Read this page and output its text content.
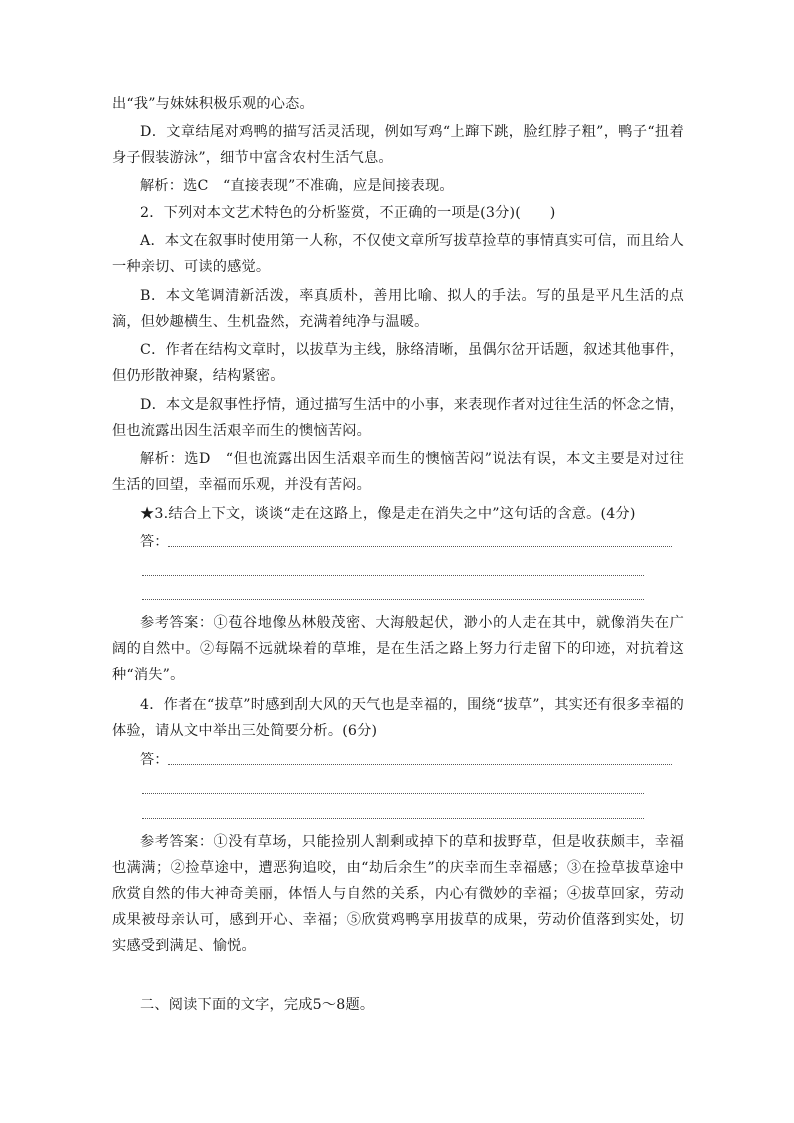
出“我”与妹妹积极乐观的心态。

D．文章结尾对鸡鸭的描写活灵活现，例如写鸡“上蹿下跳，脸红脖子粗”，鸭子“扭着身子假装游泳”，细节中富含农村生活气息。

解析：选C　“直接表现”不准确，应是间接表现。

2．下列对本文艺术特色的分析鉴赏，不正确的一项是(3分)(　　)

A．本文在叙事时使用第一人称，不仅使文章所写拔草捡草的事情真实可信，而且给人一种亲切、可读的感觉。

B．本文笔调清新活泼，率真质朴，善用比喻、拟人的手法。写的虽是平凡生活的点滴，但妙趣横生、生机盎然，充满着纯净与温暖。

C．作者在结构文章时，以拔草为主线，脉络清晰，虽偶尔岔开话题，叙述其他事件，但仍形散神聚，结构紧密。

D．本文是叙事性抒情，通过描写生活中的小事，来表现作者对过往生活的怀念之情，但也流露出因生活艰辛而生的懊恼苦闷。

解析：选D　“但也流露出因生活艰辛而生的懊恼苦闷”说法有误，本文主要是对过往生活的回望，幸福而乐观，并没有苦闷。

★3.结合上下文，谈谈“走在这路上，像是走在消失之中”这句话的含意。(4分)

答：

参考答案：①苞谷地像丛林般茂密、大海般起伏，渺小的人走在其中，就像消失在广阔的自然中。②每隔不远就垛着的草堆，是在生活之路上努力行走留下的印迹，对抗着这种“消失”。

4．作者在“拔草”时感到刮大风的天气也是幸福的，围绕“拔草”，其实还有很多幸福的体验，请从文中举出三处简要分析。(6分)

答：

参考答案：①没有草场，只能捡别人割剩或掉下的草和拔野草，但是收获颇丰，幸福也满满；②捡草途中，遭恶狗追咬，由“劫后余生”的庆幸而生幸福感；③在捡草拔草途中欣赏自然的伟大神奇美丽，体悟人与自然的关系，内心有微妙的幸福；④拔草回家，劳动成果被母亲认可，感到开心、幸福；⑤欣赏鸡鸭享用拔草的成果，劳动价值落到实处，切实感受到满足、愉悦。

二、阅读下面的文字，完成5～8题。
